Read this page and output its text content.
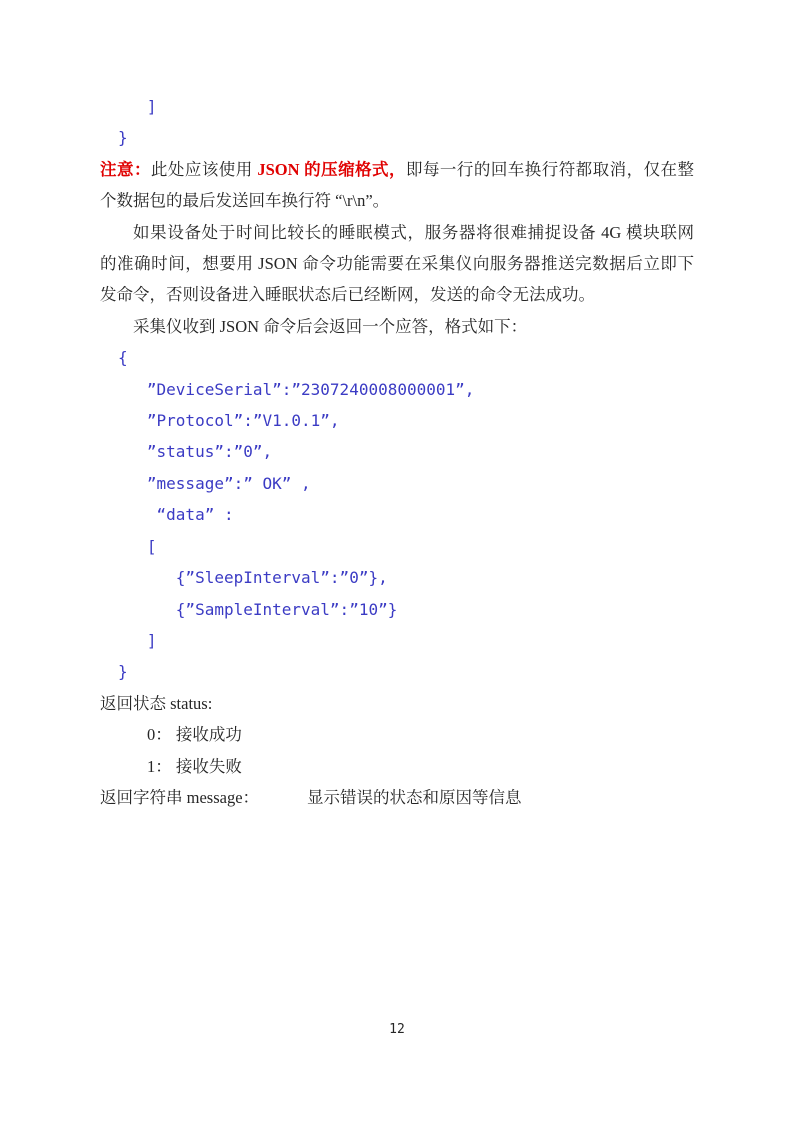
]
}
注意：此处应该使用 JSON 的压缩格式，即每一行的回车换行符都取消，仅在整
个数据包的最后发送回车换行符 “\r\n”。
如果设备处于时间比较长的睡眠模式，服务器将很难捕捉设备 4G 模块联网
的准确时间，想要用 JSON 命令功能需要在采集仪向服务器推送完数据后立即下
发命令，否则设备进入睡眠状态后已经断网，发送的命令无法成功。
采集仪收到 JSON 命令后会返回一个应答，格式如下：
{
”DeviceSerial”:”2307240008000001”,
”Protocol”:”V1.0.1”,
”status”:”0”,
”message”:” OK” ,
“data” :
[
{”SleepInterval”:”0”},
{”SampleInterval”:”10”}
]
}
返回状态 status:
0： 接收成功
1： 接收失败
返回字符串 message：	显示错误的状态和原因等信息
12
